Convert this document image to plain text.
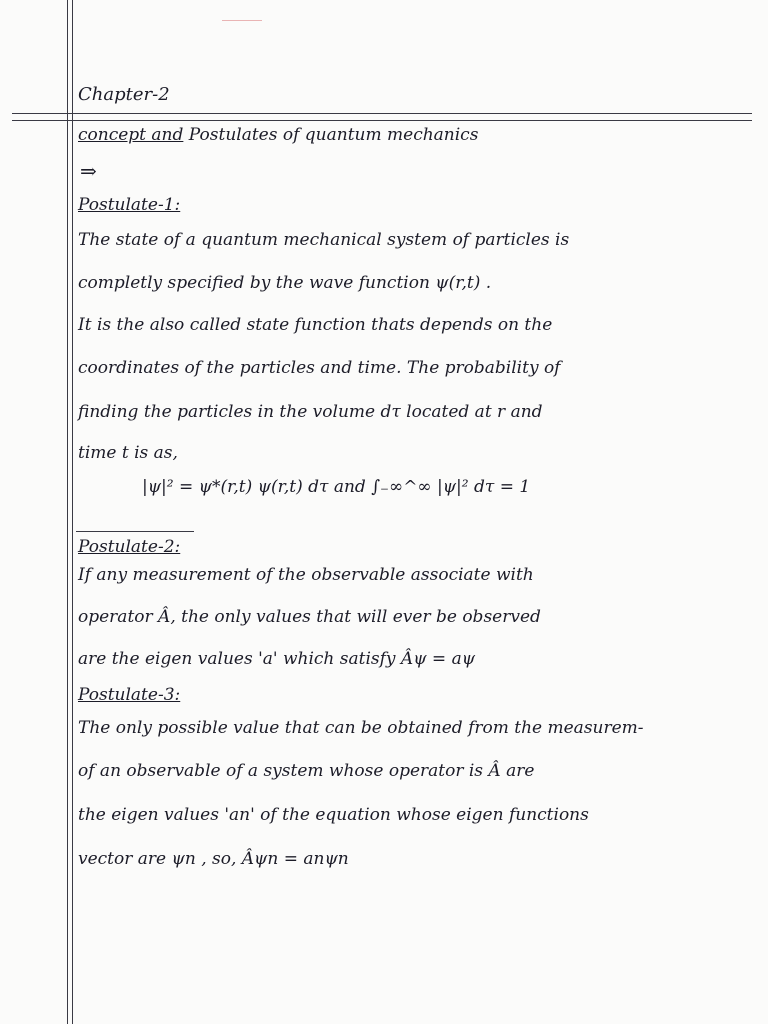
Chapter-2
concept and Postulates of quantum mechanics
⇒
Postulate-1:
The state of a quantum mechanical system of particles is
completly specified by the wave function ψ(r,t) .
It is the also called state function thats depends on the
coordinates of the particles and time. The probability of
finding the particles in the volume dτ located at r and
time t is as,
|ψ|² = ψ*(r,t) ψ(r,t) dτ and ∫₋∞^∞ |ψ|² dτ = 1
Postulate-2:
If any measurement of the observable associate with
operator Â, the only values that will ever be observed
are the eigen values 'a' which satisfy Âψ = aψ
Postulate-3:
The only possible value that can be obtained from the measurem-
of an observable of a system whose operator is Â are
the eigen values 'an' of the equation whose eigen functions
vector are ψn , so, Âψn = anψn
